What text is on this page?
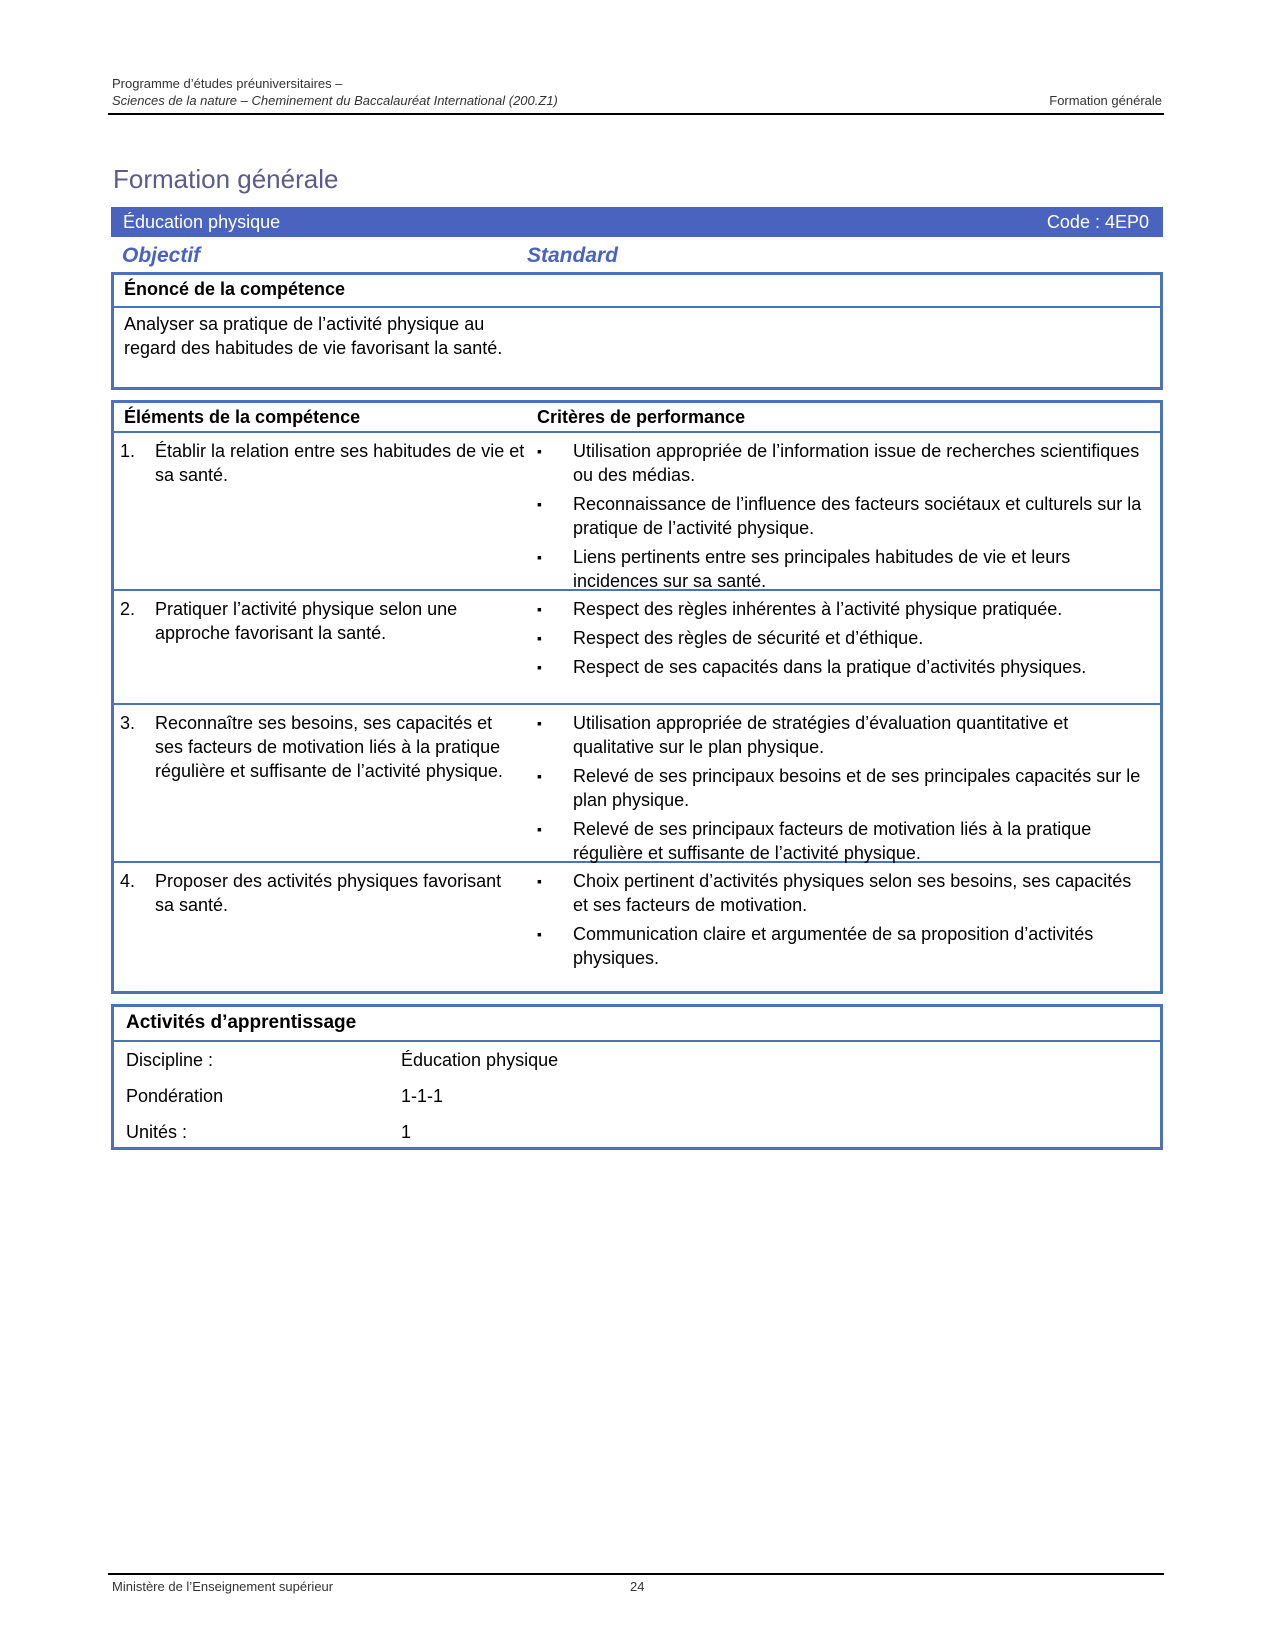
Programme d’études préuniversitaires –
Sciences de la nature – Cheminement du Baccalauréat International (200.Z1)	Formation générale
Formation générale
Éducation physique	Code : 4EP0
Objectif	Standard
Énoncé de la compétence
Analyser sa pratique de l’activité physique au regard des habitudes de vie favorisant la santé.
Éléments de la compétence	Critères de performance
1.	Établir la relation entre ses habitudes de vie et sa santé.
▪	Utilisation appropriée de l’information issue de recherches scientifiques ou des médias.
▪	Reconnaissance de l’influence des facteurs sociétaux et culturels sur la pratique de l’activité physique.
▪	Liens pertinents entre ses principales habitudes de vie et leurs incidences sur sa santé.
2.	Pratiquer l’activité physique selon une approche favorisant la santé.
▪	Respect des règles inhérentes à l’activité physique pratiquée.
▪	Respect des règles de sécurité et d’éthique.
▪	Respect de ses capacités dans la pratique d’activités physiques.
3.	Reconnaître ses besoins, ses capacités et ses facteurs de motivation liés à la pratique régulière et suffisante de l’activité physique.
▪	Utilisation appropriée de stratégies d’évaluation quantitative et qualitative sur le plan physique.
▪	Relevé de ses principaux besoins et de ses principales capacités sur le plan physique.
▪	Relevé de ses principaux facteurs de motivation liés à la pratique régulière et suffisante de l’activité physique.
4.	Proposer des activités physiques favorisant sa santé.
▪	Choix pertinent d’activités physiques selon ses besoins, ses capacités et ses facteurs de motivation.
▪	Communication claire et argumentée de sa proposition d’activités physiques.
Activités d’apprentissage
Discipline :	Éducation physique
Pondération	1-1-1
Unités :	1
Ministère de l’Enseignement supérieur	24
